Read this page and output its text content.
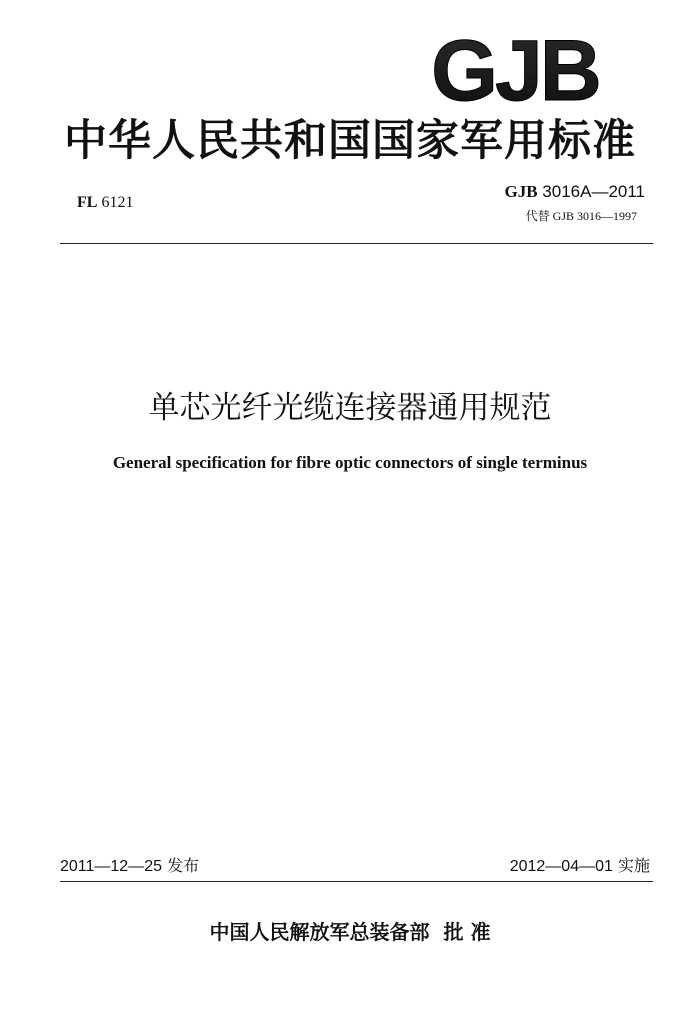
GJB
中华人民共和国国家军用标准
FL 6121
GJB 3016A—2011
代替 GJB 3016—1997
单芯光纤光缆连接器通用规范
General specification for fibre optic connectors of single terminus
2011—12—25 发布	2012—04—01 实施
中国人民解放军总装备部 批 准
